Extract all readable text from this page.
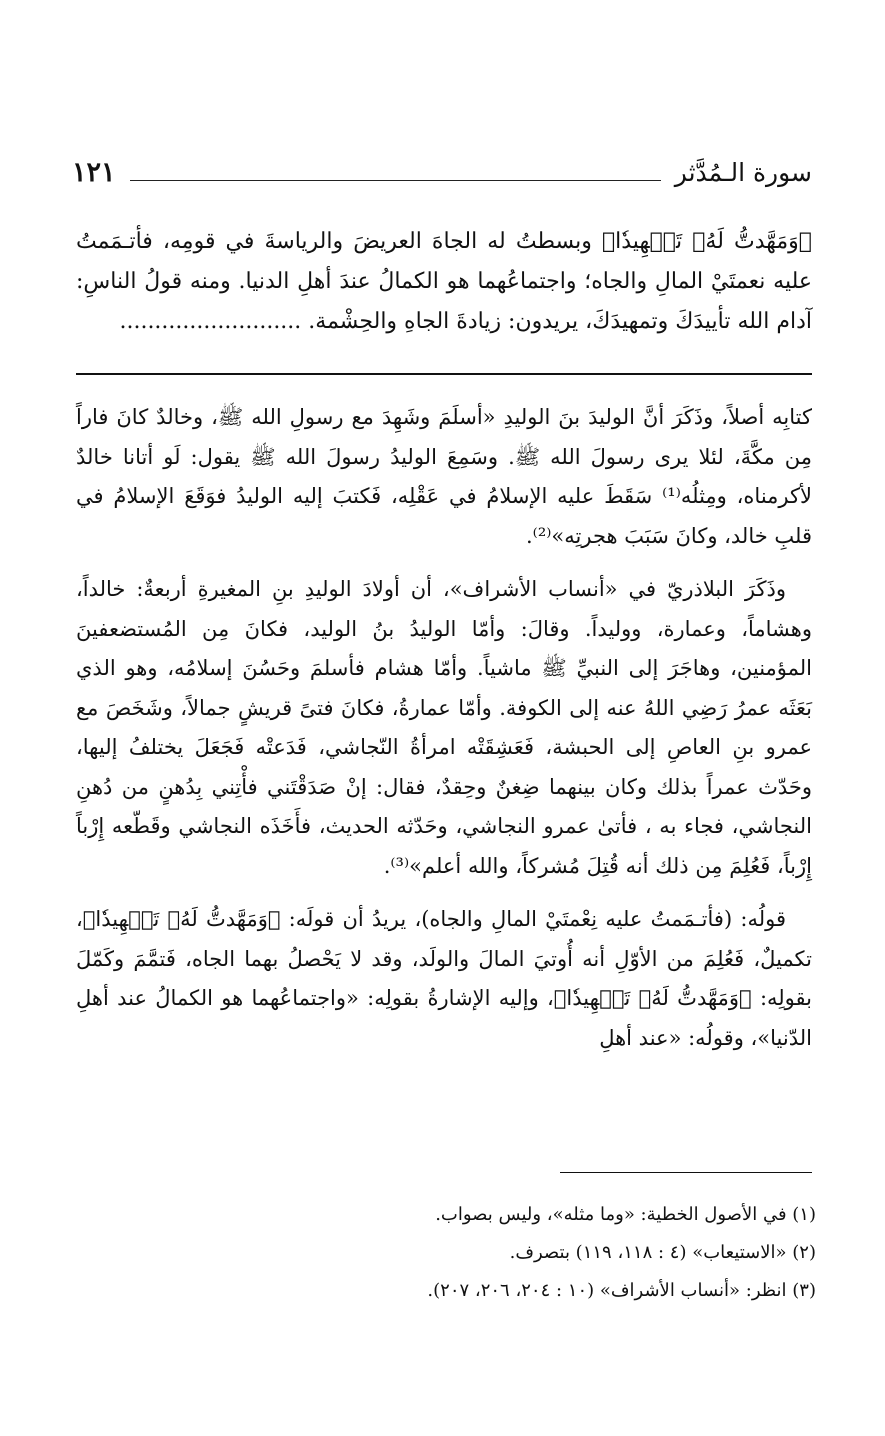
سورة الـمُدَّثر
١٢١
﴿وَمَهَّدتُّ لَهُۥ تَمۡهِيدٗا﴾ وبسطتُ له الجاهَ العريضَ والرياسةَ في قومِه، فأتـمَمتُ عليه نعمتَيْ المالِ والجاه؛ واجتماعُهما هو الكمالُ عندَ أهلِ الدنيا. ومنه قولُ الناسِ: آدام الله تأييدَكَ وتمهيدَكَ، يريدون: زيادةَ الجاهِ والحِشْمة. ..........................

كتابِه أصلاً، وذَكَرَ أنَّ الوليدَ بنَ الوليدِ «أسلَمَ وشَهِدَ مع رسولِ الله ﷺ، وخالدٌ كانَ فاراً مِن مكَّةَ، لئلا يرى رسولَ الله ﷺ. وسَمِعَ الوليدُ رسولَ الله ﷺ يقول: لَو أتانا خالدٌ لأكرمناه، ومِثلُه⁽¹⁾ سَقَطَ عليه الإسلامُ في عَقْلِه، فَكتبَ إليه الوليدُ فوَقَعَ الإسلامُ في قلبِ خالد، وكانَ سَبَبَ هجرتِه»⁽²⁾.

وذَكَرَ البلاذريّ في «أنساب الأشراف»، أن أولادَ الوليدِ بنِ المغيرةِ أربعةٌ: خالداً، وهشاماً، وعمارة، ووليداً. وقالَ: وأمّا الوليدُ بنُ الوليد، فكانَ مِن المُستضعفينَ المؤمنين، وهاجَرَ إلى النبيِّ ﷺ ماشياً. وأمّا هشام فأسلمَ وحَسُنَ إسلامُه، وهو الذي بَعَثَه عمرُ رَضِي اللهُ عنه إلى الكوفة. وأمّا عمارةُ، فكانَ فتىً قريشٍ جمالاً، وشَخَصَ مع عمرو بنِ العاصِ إلى الحبشة، فَعَشِقَتْه امرأةُ النّجاشي، فَدَعتْه فَجَعَلَ يختلفُ إليها، وحَدّث عمراً بذلك وكان بينهما ضِغنٌ وحِقدٌ، فقال: إنْ صَدَقْتَني فأْتِني بِدُهنٍ من دُهنِ النجاشي، فجاء به ، فأتىٰ عمرو النجاشي، وحَدّثه الحديث، فأَخَذَه النجاشي وقَطّعه إِرْباً إِرْباً، فَعُلِمَ مِن ذلك أنه قُتِلَ مُشركاً، والله أعلم»⁽³⁾.

قولُه: (فأتـمَمتُ عليه نِعْمتَيْ المالِ والجاه)، يريدُ أن قولَه: ﴿وَمَهَّدتُّ لَهُۥ تَمۡهِيدٗا﴾، تكميلٌ، فَعُلِمَ من الأوّلِ أنه أُوتيَ المالَ والولَد، وقد لا يَحْصلُ بهما الجاه، فَتمَّمَ وكَمّلَ بقولِه: ﴿وَمَهَّدتُّ لَهُۥ تَمۡهِيدٗا﴾، وإليه الإشارةُ بقولِه: «واجتماعُهما هو الكمالُ عند أهلِ الدّنيا»، وقولُه: «عند أهلِ

(١) في الأصول الخطية: «وما مثله»، وليس بصواب.
(٢) «الاستيعاب» (٤ : ١١٨، ١١٩) بتصرف.
(٣) انظر: «أنساب الأشراف» (١٠ : ٢٠٤، ٢٠٦، ٢٠٧).
